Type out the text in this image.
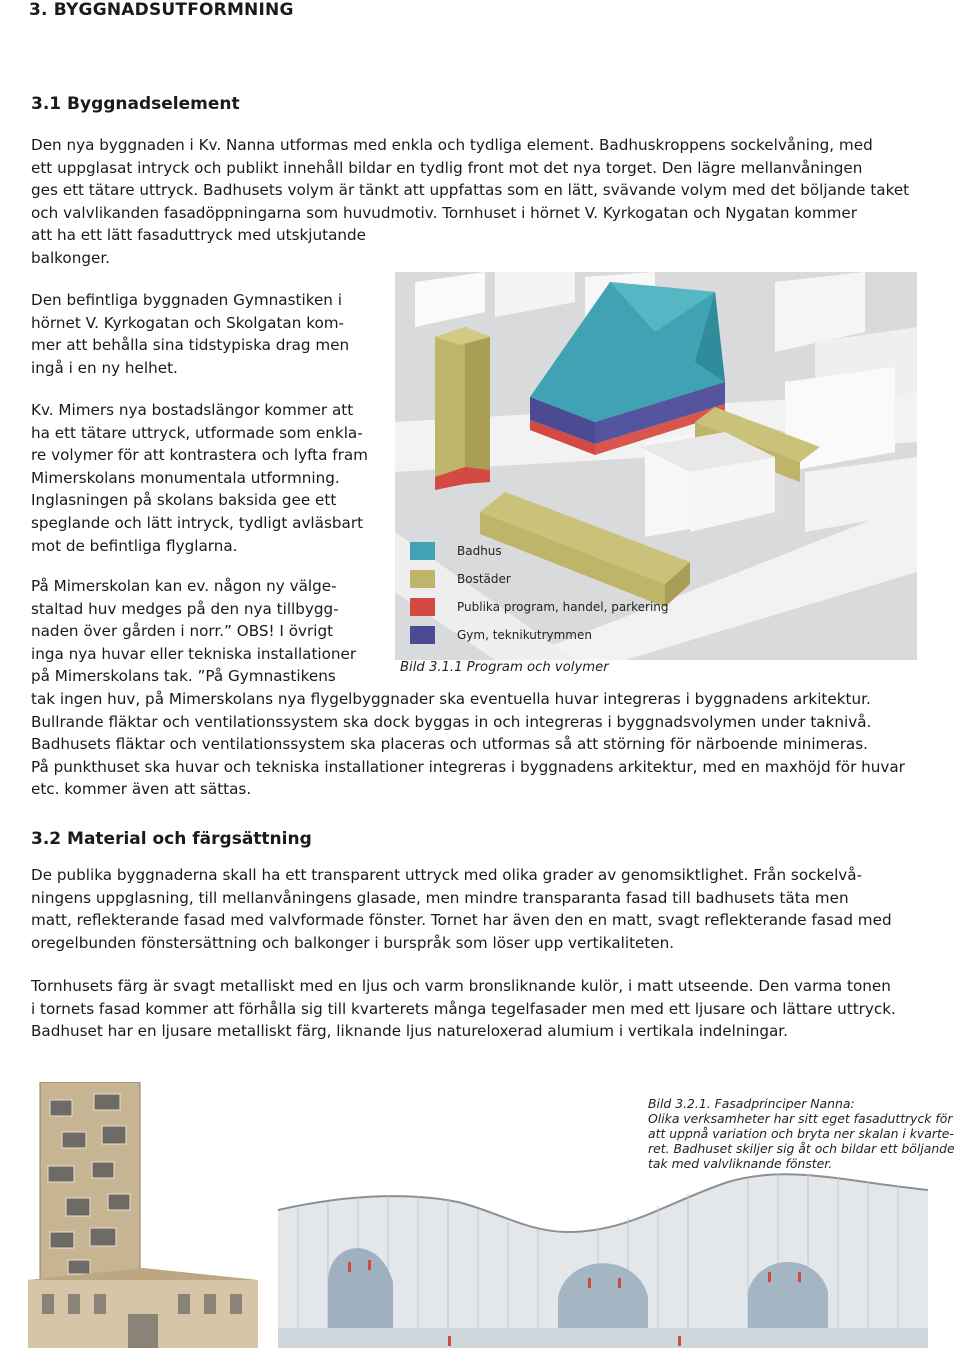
3. BYGGNADSUTFORMNING
3.1 Byggnadselement
Den nya byggnaden i Kv. Nanna utformas med enkla och tydliga element. Badhuskroppens sockelvåning, med
ett uppglasat intryck och publikt innehåll bildar en tydlig front mot det nya torget. Den lägre mellanvåningen
ges ett tätare uttryck. Badhusets volym är tänkt att uppfattas som en lätt, svävande volym med det böljande taket
och valvlikanden fasadöppningarna som huvudmotiv. Tornhuset i hörnet V. Kyrkogatan och Nygatan kommer
att ha ett lätt fasaduttryck med utskjutande
balkonger.
Den befintliga byggnaden Gymnastiken i
hörnet V. Kyrkogatan och Skolgatan kom-
mer att behålla sina tidstypiska drag men
ingå i en ny helhet.
Kv. Mimers nya bostadslängor kommer att
ha ett tätare uttryck, utformade som enkla-
re volymer för att kontrastera och lyfta fram
Mimerskolans monumentala utformning.
Inglasningen på skolans baksida gee ett
speglande och lätt intryck, tydligt avläsbart
mot de befintliga flyglarna.
På Mimerskolan kan ev. någon ny välge-
staltad huv medges på den nya tillbygg-
naden över gården i norr.” OBS! I övrigt
inga nya huvar eller tekniska installationer
på Mimerskolans tak. ”På Gymnastikens
tak ingen huv, på Mimerskolans nya flygelbyggnader ska eventuella huvar integreras i byggnadens arkitektur.
Bullrande fläktar och ventilationssystem ska dock byggas in och integreras i byggnadsvolymen under taknivå.
Badhusets fläktar och ventilationssystem ska placeras och utformas så att störning för närboende minimeras.
På punkthuset ska huvar och tekniska installationer integreras i byggnadens arkitektur, med en maxhöjd för huvar
etc. kommer även att sättas.
Badhus
Bostäder
Publika program, handel, parkering
Gym, teknikutrymmen
Bild 3.1.1 Program och volymer
3.2 Material och färgsättning
De publika byggnaderna skall ha ett transparent uttryck med olika grader av genomsiktlighet. Från sockelvå-
ningens uppglasning, till mellanvåningens glasade, men mindre transparanta fasad till badhusets täta men
matt, reflekterande fasad med valvformade fönster. Tornet har även den en matt, svagt reflekterande fasad med
oregelbunden fönstersättning och balkonger i burspråk som löser upp vertikaliteten.
Tornhusets färg är svagt metalliskt med en ljus och varm bronsliknande kulör, i matt utseende. Den varma tonen
i tornets fasad kommer att förhålla sig till kvarterets många tegelfasader men med ett ljusare och lättare uttryck.
Badhuset har en ljusare metalliskt färg, liknande ljus natureloxerad alumium i vertikala indelningar.
Bild 3.2.1. Fasadprinciper Nanna:
Olika verksamheter har sitt eget fasaduttryck för
att uppnå variation och bryta ner skalan i kvarte-
ret. Badhuset skiljer sig åt och bildar ett böljande
tak med valvliknande fönster.
